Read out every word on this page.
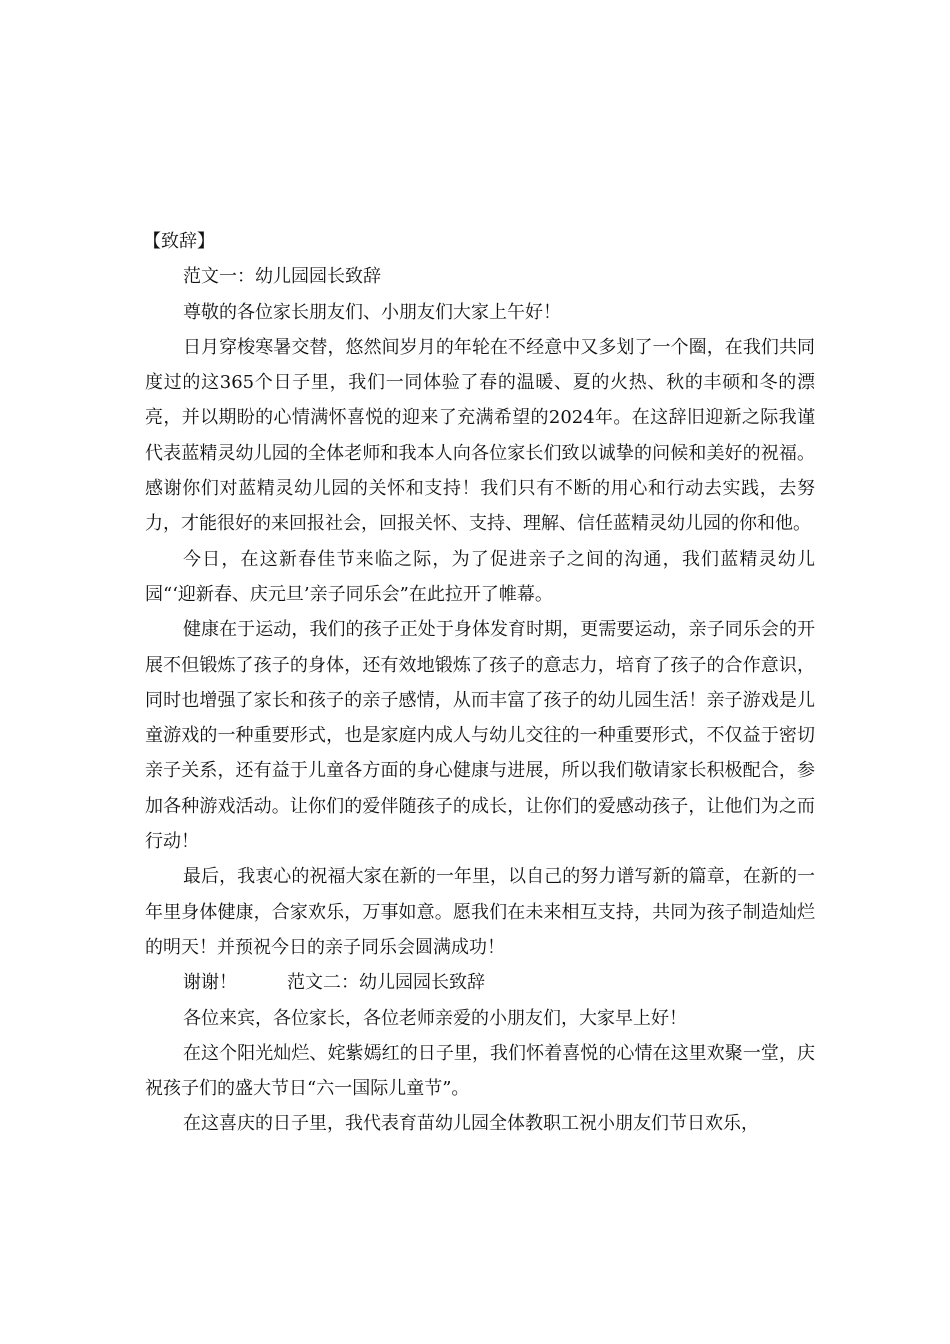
【致辞】

范文一：幼儿园园长致辞

尊敬的各位家长朋友们、小朋友们大家上午好！

日月穿梭寒暑交替，悠然间岁月的年轮在不经意中又多划了一个圈，在我们共同度过的这365个日子里，我们一同体验了春的温暖、夏的火热、秋的丰硕和冬的漂亮，并以期盼的心情满怀喜悦的迎来了充满希望的2024年。在这辞旧迎新之际我谨代表蓝精灵幼儿园的全体老师和我本人向各位家长们致以诚挚的问候和美好的祝福。感谢你们对蓝精灵幼儿园的关怀和支持！我们只有不断的用心和行动去实践，去努力，才能很好的来回报社会，回报关怀、支持、理解、信任蓝精灵幼儿园的你和他。

今日，在这新春佳节来临之际，为了促进亲子之间的沟通，我们蓝精灵幼儿园“‘迎新春、庆元旦’亲子同乐会”在此拉开了帷幕。

健康在于运动，我们的孩子正处于身体发育时期，更需要运动，亲子同乐会的开展不但锻炼了孩子的身体，还有效地锻炼了孩子的意志力，培育了孩子的合作意识，同时也增强了家长和孩子的亲子感情，从而丰富了孩子的幼儿园生活！亲子游戏是儿童游戏的一种重要形式，也是家庭内成人与幼儿交往的一种重要形式，不仅益于密切亲子关系，还有益于儿童各方面的身心健康与进展，所以我们敬请家长积极配合，参加各种游戏活动。让你们的爱伴随孩子的成长，让你们的爱感动孩子，让他们为之而行动！

最后，我衷心的祝福大家在新的一年里，以自己的努力谱写新的篇章，在新的一年里身体健康，合家欢乐，万事如意。愿我们在未来相互支持，共同为孩子制造灿烂的明天！并预祝今日的亲子同乐会圆满成功！

谢谢！	范文二：幼儿园园长致辞

各位来宾，各位家长，各位老师亲爱的小朋友们，大家早上好！

在这个阳光灿烂、姹紫嫣红的日子里，我们怀着喜悦的心情在这里欢聚一堂，庆祝孩子们的盛大节日“六一国际儿童节”。

在这喜庆的日子里，我代表育苗幼儿园全体教职工祝小朋友们节日欢乐，
